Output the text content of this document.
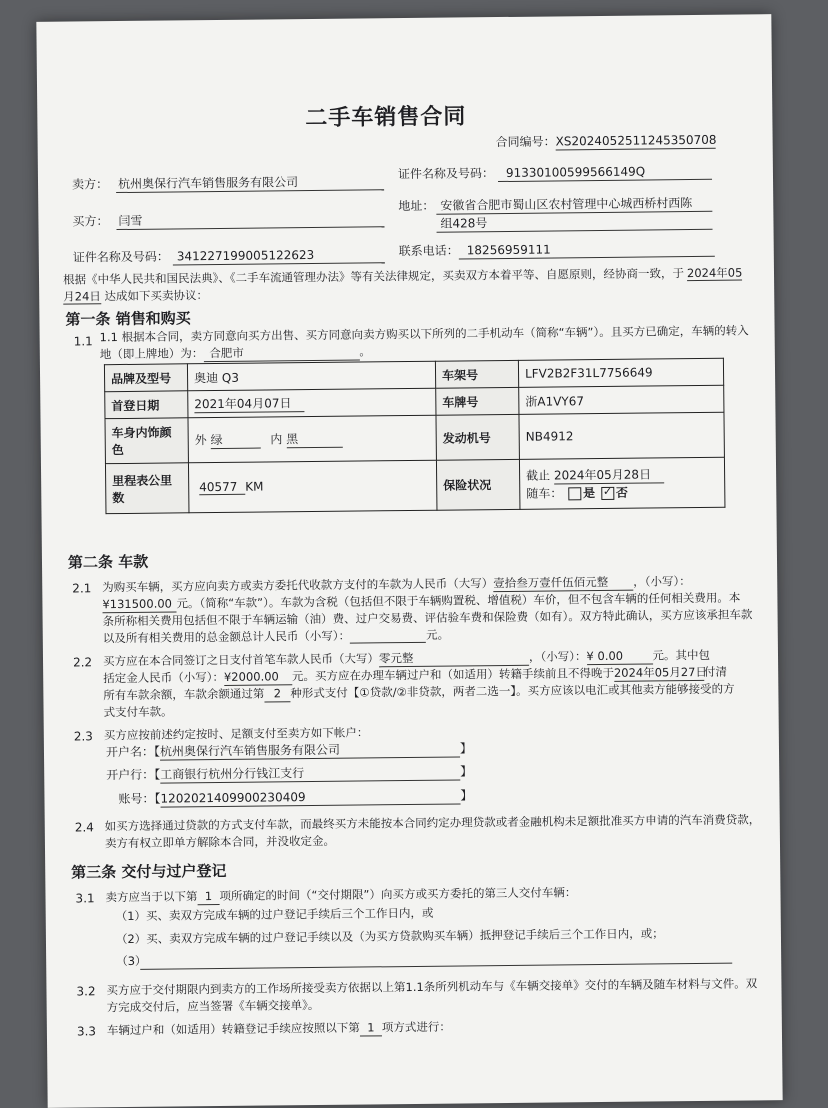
二手车销售合同
合同编号：XS2024052511245350708
卖方： 杭州奥保行汽车销售服务有限公司
证件名称及号码： 91330100599566149Q
买方： 闫雪
地址： 安徽省合肥市蜀山区农村管理中心城西桥村西陈
组428号
证件名称及号码： 341227199005122623	联系电话： 18256959111
根据《中华人民共和国民法典》、《二手车流通管理办法》等有关法律规定，买卖双方本着平等、自愿原则，经协商一致，于 2024年05
月24日 达成如下买卖协议：
第一条 销售和购买
1.1 1.1 根据本合同，卖方同意向买方出售、买方同意向卖方购买以下所列的二手机动车（简称“车辆”）。且买方已确定，车辆的转入
地（即上牌地）为： 合肥市	。
品牌及型号	奥迪 Q3	车架号	LFV2B2F31L7756649
首登日期	2021年04月07日	车牌号	浙A1VY67
车身内饰颜色	外 绿 内 黑	发动机号	NB4912
里程表公里数	40577 KM	保险状况	截止 2024年05月28日
随车： 是 ✓ 否
第二条 车款
2.1 为购买车辆，买方应向卖方或卖方委托代收款方支付的车款为人民币（大写）壹拾叁万壹仟伍佰元整 ，（小写）：
¥131500.00 元。（简称“车款”）。车款为含税（包括但不限于车辆购置税、增值税）车价，但不包含车辆的任何相关费用。本
条所称相关费用包括但不限于车辆运输（油）费、过户交易费、评估验车费和保险费（如有）。双方特此确认，买方应该承担车款
以及所有相关费用的总金额总计人民币（小写）：	元。
2.2 买方应在本合同签订之日支付首笔车款人民币（大写）零元整	，（小写）：¥ 0.00	元。其中包
括定金人民币（小写）：¥2000.00 元。买方应在办理车辆过户和（如适用）转籍手续前且不得晚于2024年05月27日付清
所有车款余额，车款余额通过第 2 种形式支付【①贷款/②非贷款，两者二选一】。买方应该以电汇或其他卖方能够接受的方
式支付车款。
2.3 买方应按前述约定按时、足额支付至卖方如下帐户：
开户名：【杭州奥保行汽车销售服务有限公司	】
开户行：【工商银行杭州分行钱江支行	】
账号：【1202021409900230409	】
2.4 如买方选择通过贷款的方式支付车款，而最终买方未能按本合同约定办理贷款或者金融机构未足额批准买方申请的汽车消费贷款，
卖方有权立即单方解除本合同，并没收定金。
第三条 交付与过户登记
3.1 卖方应当于以下第 1 项所确定的时间（“交付期限”）向买方或买方委托的第三人交付车辆：
（1）买、卖双方完成车辆的过户登记手续后三个工作日内，或
（2）买、卖双方完成车辆的过户登记手续以及（为买方贷款购买车辆）抵押登记手续后三个工作日内，或；
（3）
3.2 买方应于交付期限内到卖方的工作场所接受卖方依据以上第1.1条所列机动车与《车辆交接单》交付的车辆及随车材料与文件。双
方完成交付后，应当签署《车辆交接单》。
3.3 车辆过户和（如适用）转籍登记手续应按照以下第 1 项方式进行：
